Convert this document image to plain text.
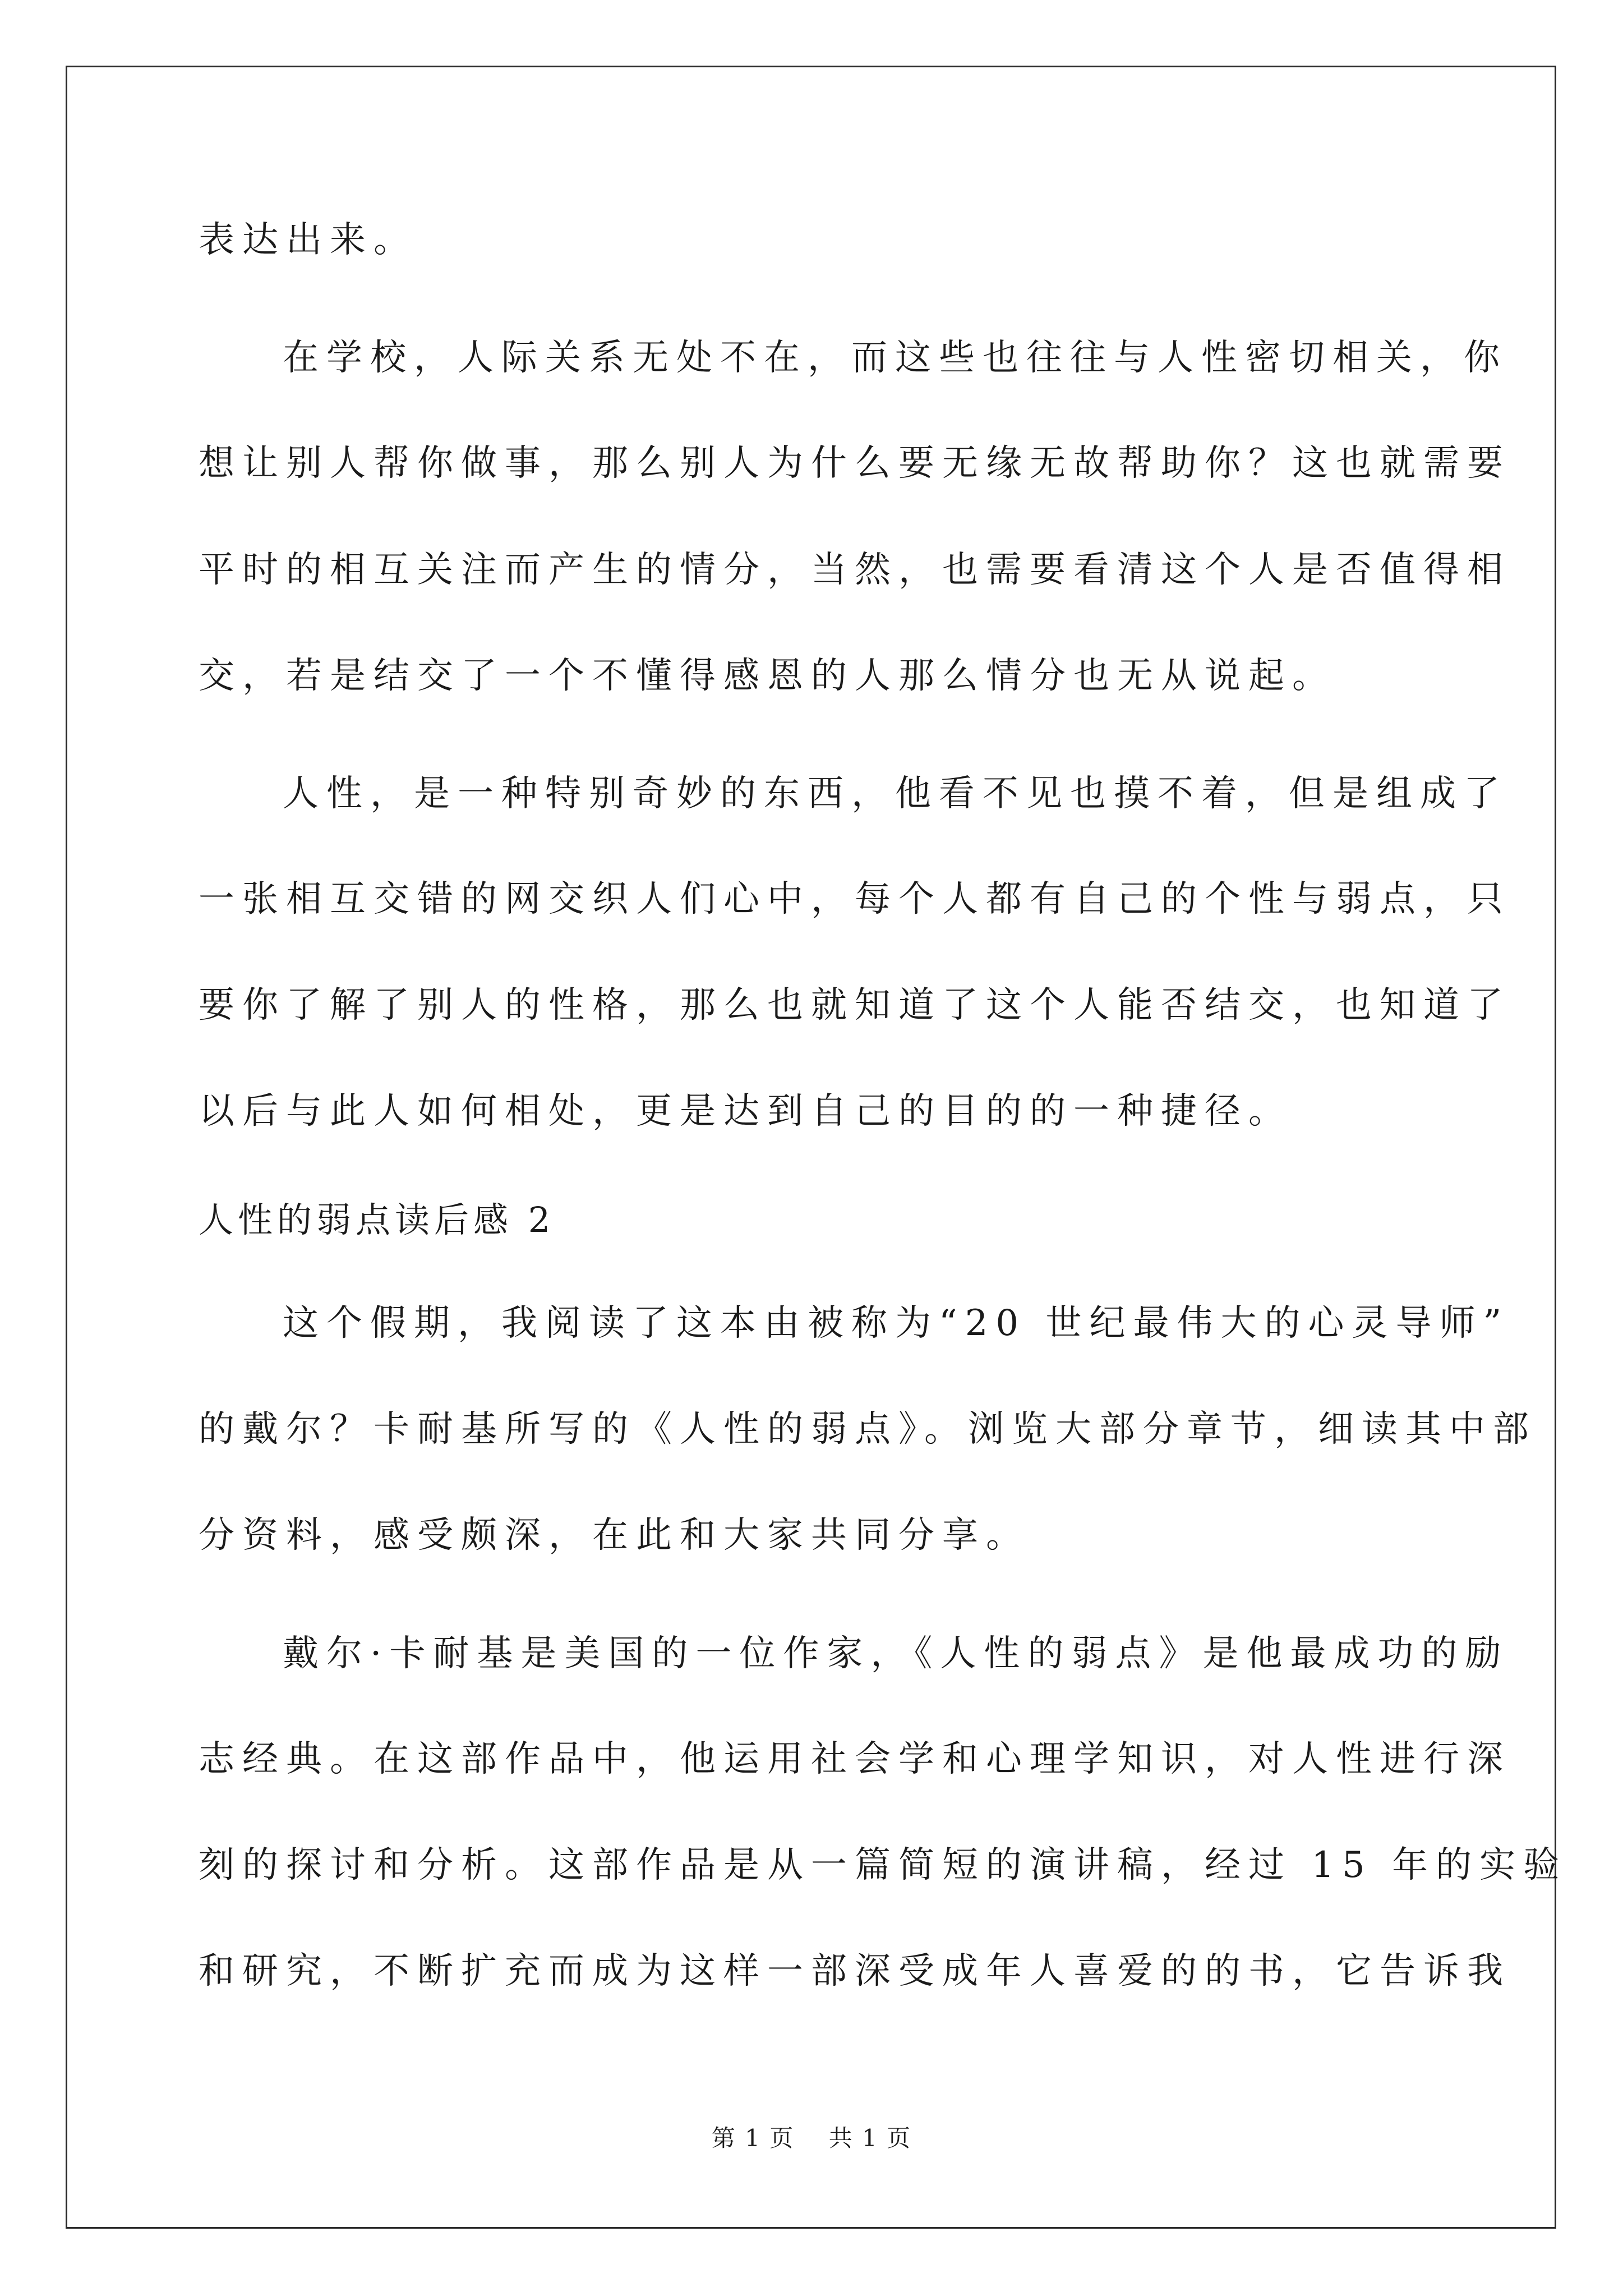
表达出来。
在学校，人际关系无处不在，而这些也往往与人性密切相关，你
想让别人帮你做事，那么别人为什么要无缘无故帮助你？这也就需要
平时的相互关注而产生的情分，当然，也需要看清这个人是否值得相
交，若是结交了一个不懂得感恩的人那么情分也无从说起。
人性，是一种特别奇妙的东西，他看不见也摸不着，但是组成了
一张相互交错的网交织人们心中，每个人都有自己的个性与弱点，只
要你了解了别人的性格，那么也就知道了这个人能否结交，也知道了
以后与此人如何相处，更是达到自己的目的的一种捷径。
人性的弱点读后感 2
这个假期，我阅读了这本由被称为“20 世纪最伟大的心灵导师”
的戴尔？卡耐基所写的《人性的弱点》。浏览大部分章节，细读其中部
分资料，感受颇深，在此和大家共同分享。
戴尔·卡耐基是美国的一位作家，《人性的弱点》是他最成功的励
志经典。在这部作品中，他运用社会学和心理学知识，对人性进行深
刻的探讨和分析。这部作品是从一篇简短的演讲稿，经过 15 年的实验
和研究，不断扩充而成为这样一部深受成年人喜爱的的书，它告诉我
第 1 页    共 1 页
